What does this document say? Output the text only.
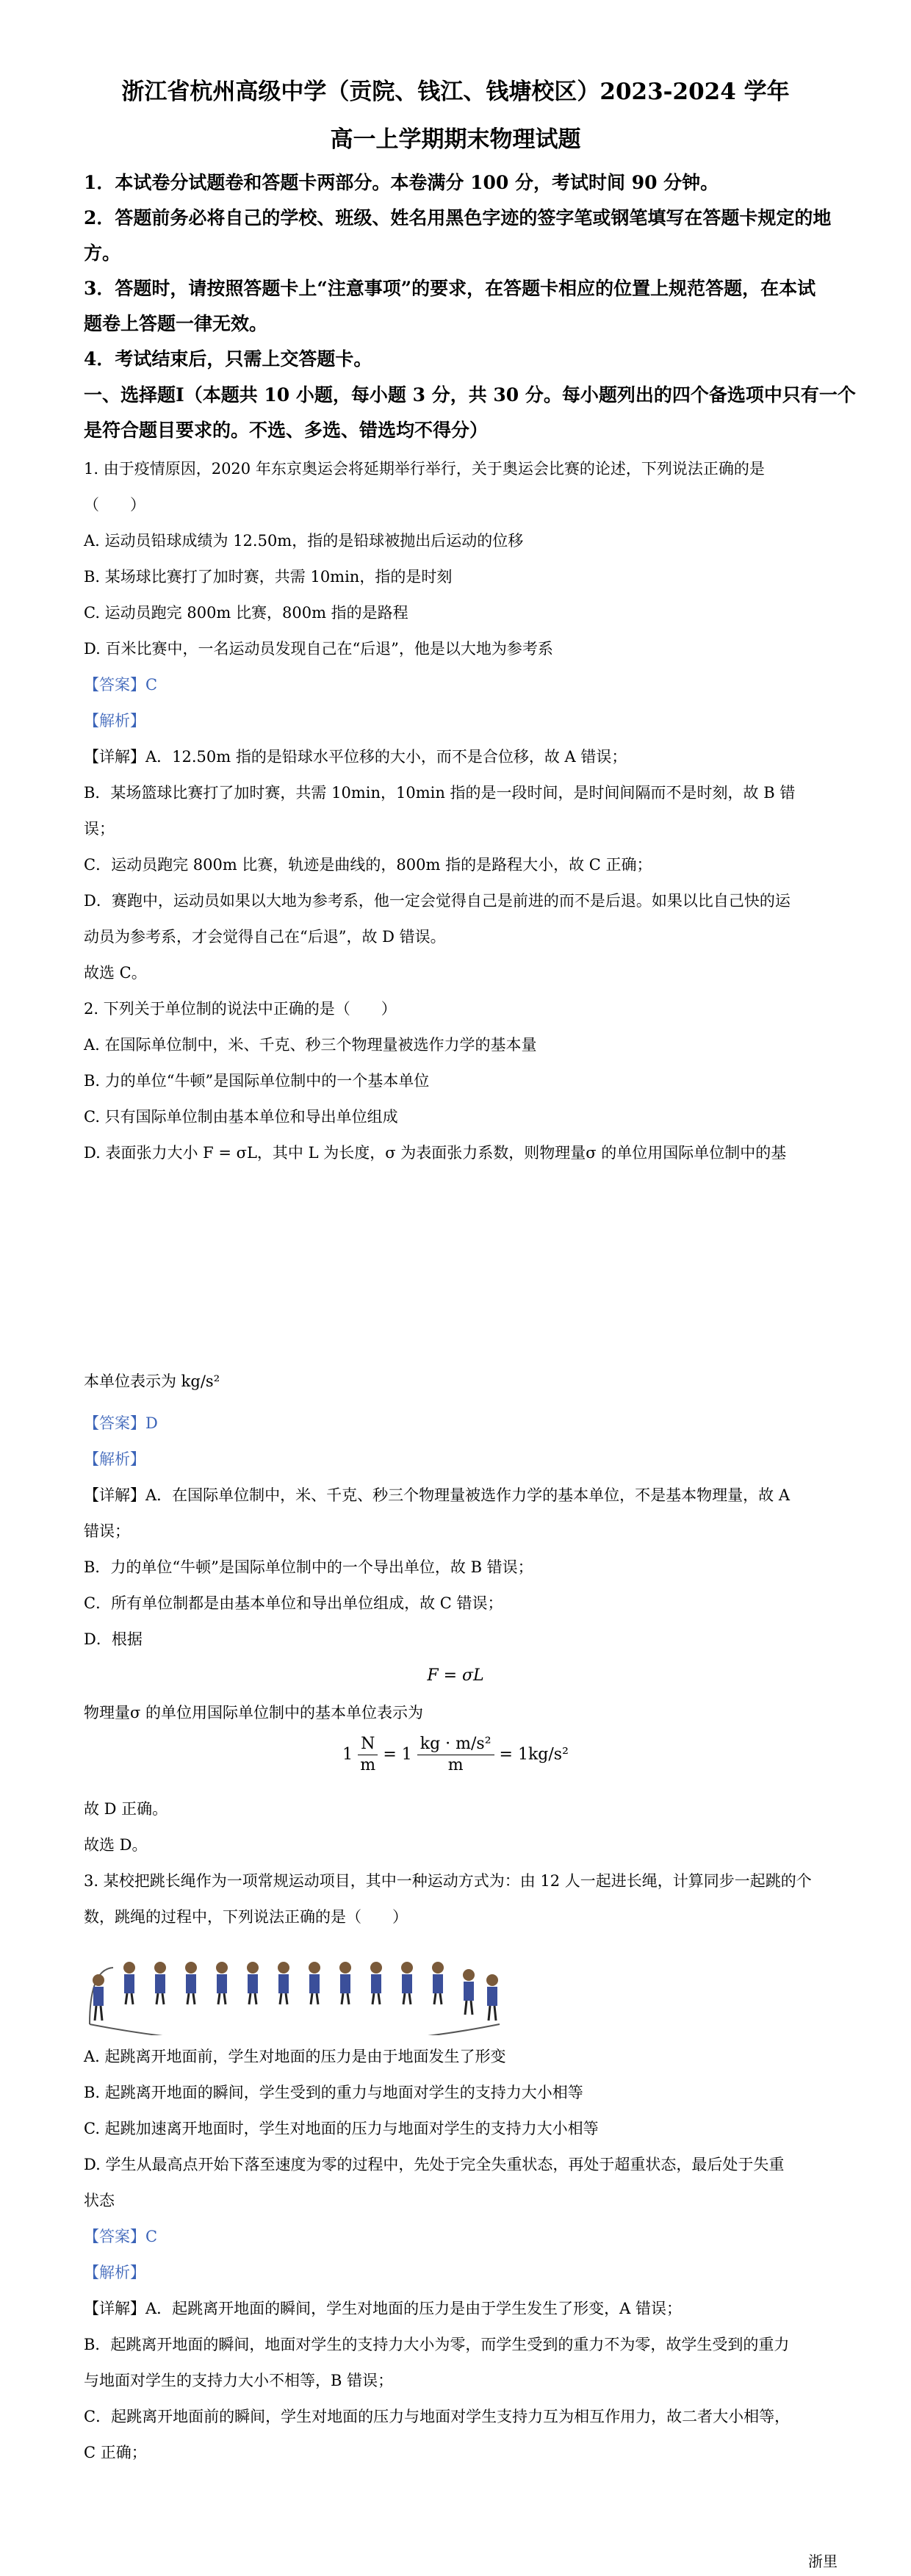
浙江省杭州高级中学（贡院、钱江、钱塘校区）2023-2024 学年
高一上学期期末物理试题
1．本试卷分试题卷和答题卡两部分。本卷满分 100 分，考试时间 90 分钟。
2．答题前务必将自己的学校、班级、姓名用黑色字迹的签字笔或钢笔填写在答题卡规定的地
方。
3．答题时，请按照答题卡上“注意事项”的要求，在答题卡相应的位置上规范答题，在本试
题卷上答题一律无效。
4．考试结束后，只需上交答题卡。
一、选择题Ⅰ（本题共 10 小题，每小题 3 分，共 30 分。每小题列出的四个备选项中只有一个
是符合题目要求的。不选、多选、错选均不得分）
1. 由于疫情原因，2020 年东京奥运会将延期举行举行，关于奥运会比赛的论述，下列说法正确的是
（　　）
A. 运动员铅球成绩为 12.50m，指的是铅球被抛出后运动的位移
B. 某场球比赛打了加时赛，共需 10min，指的是时刻
C. 运动员跑完 800m 比赛，800m 指的是路程
D. 百米比赛中，一名运动员发现自己在“后退”，他是以大地为参考系
【答案】C
【解析】
【详解】A．12.50m 指的是铅球水平位移的大小，而不是合位移，故 A 错误；
B．某场篮球比赛打了加时赛，共需 10min，10min 指的是一段时间，是时间间隔而不是时刻，故 B 错
误；
C．运动员跑完 800m 比赛，轨迹是曲线的，800m 指的是路程大小，故 C 正确；
D．赛跑中，运动员如果以大地为参考系，他一定会觉得自己是前进的而不是后退。如果以比自己快的运
动员为参考系，才会觉得自己在“后退”，故 D 错误。
故选 C。
2. 下列关于单位制的说法中正确的是（　　）
A. 在国际单位制中，米、千克、秒三个物理量被选作力学的基本量
B. 力的单位“牛顿”是国际单位制中的一个基本单位
C. 只有国际单位制由基本单位和导出单位组成
D. 表面张力大小 F = σL，其中 L 为长度，σ 为表面张力系数，则物理量σ 的单位用国际单位制中的基
本单位表示为 kg/s²
【答案】D
【解析】
【详解】A．在国际单位制中，米、千克、秒三个物理量被选作力学的基本单位，不是基本物理量，故 A
错误；
B．力的单位“牛顿”是国际单位制中的一个导出单位，故 B 错误；
C．所有单位制都是由基本单位和导出单位组成，故 C 错误；
D．根据
F = σL
物理量σ 的单位用国际单位制中的基本单位表示为
$1 \frac{N}{m} = 1 \frac{\text{kg · m/s²}}{m} = 1kg/s^2$
故 D 正确。
故选 D。
3. 某校把跳长绳作为一项常规运动项目，其中一种运动方式为：由 12 人一起进长绳，计算同步一起跳的个
数，跳绳的过程中，下列说法正确的是（　　）
A. 起跳离开地面前，学生对地面的压力是由于地面发生了形变
B. 起跳离开地面的瞬间，学生受到的重力与地面对学生的支持力大小相等
C. 起跳加速离开地面时，学生对地面的压力与地面对学生的支持力大小相等
D. 学生从最高点开始下落至速度为零的过程中，先处于完全失重状态，再处于超重状态，最后处于失重
状态
【答案】C
【解析】
【详解】A．起跳离开地面的瞬间，学生对地面的压力是由于学生发生了形变，A 错误；
B．起跳离开地面的瞬间，地面对学生的支持力大小为零，而学生受到的重力不为零，故学生受到的重力
与地面对学生的支持力大小不相等，B 错误；
C．起跳离开地面前的瞬间，学生对地面的压力与地面对学生支持力互为相互作用力，故二者大小相等，
C 正确；
浙里
